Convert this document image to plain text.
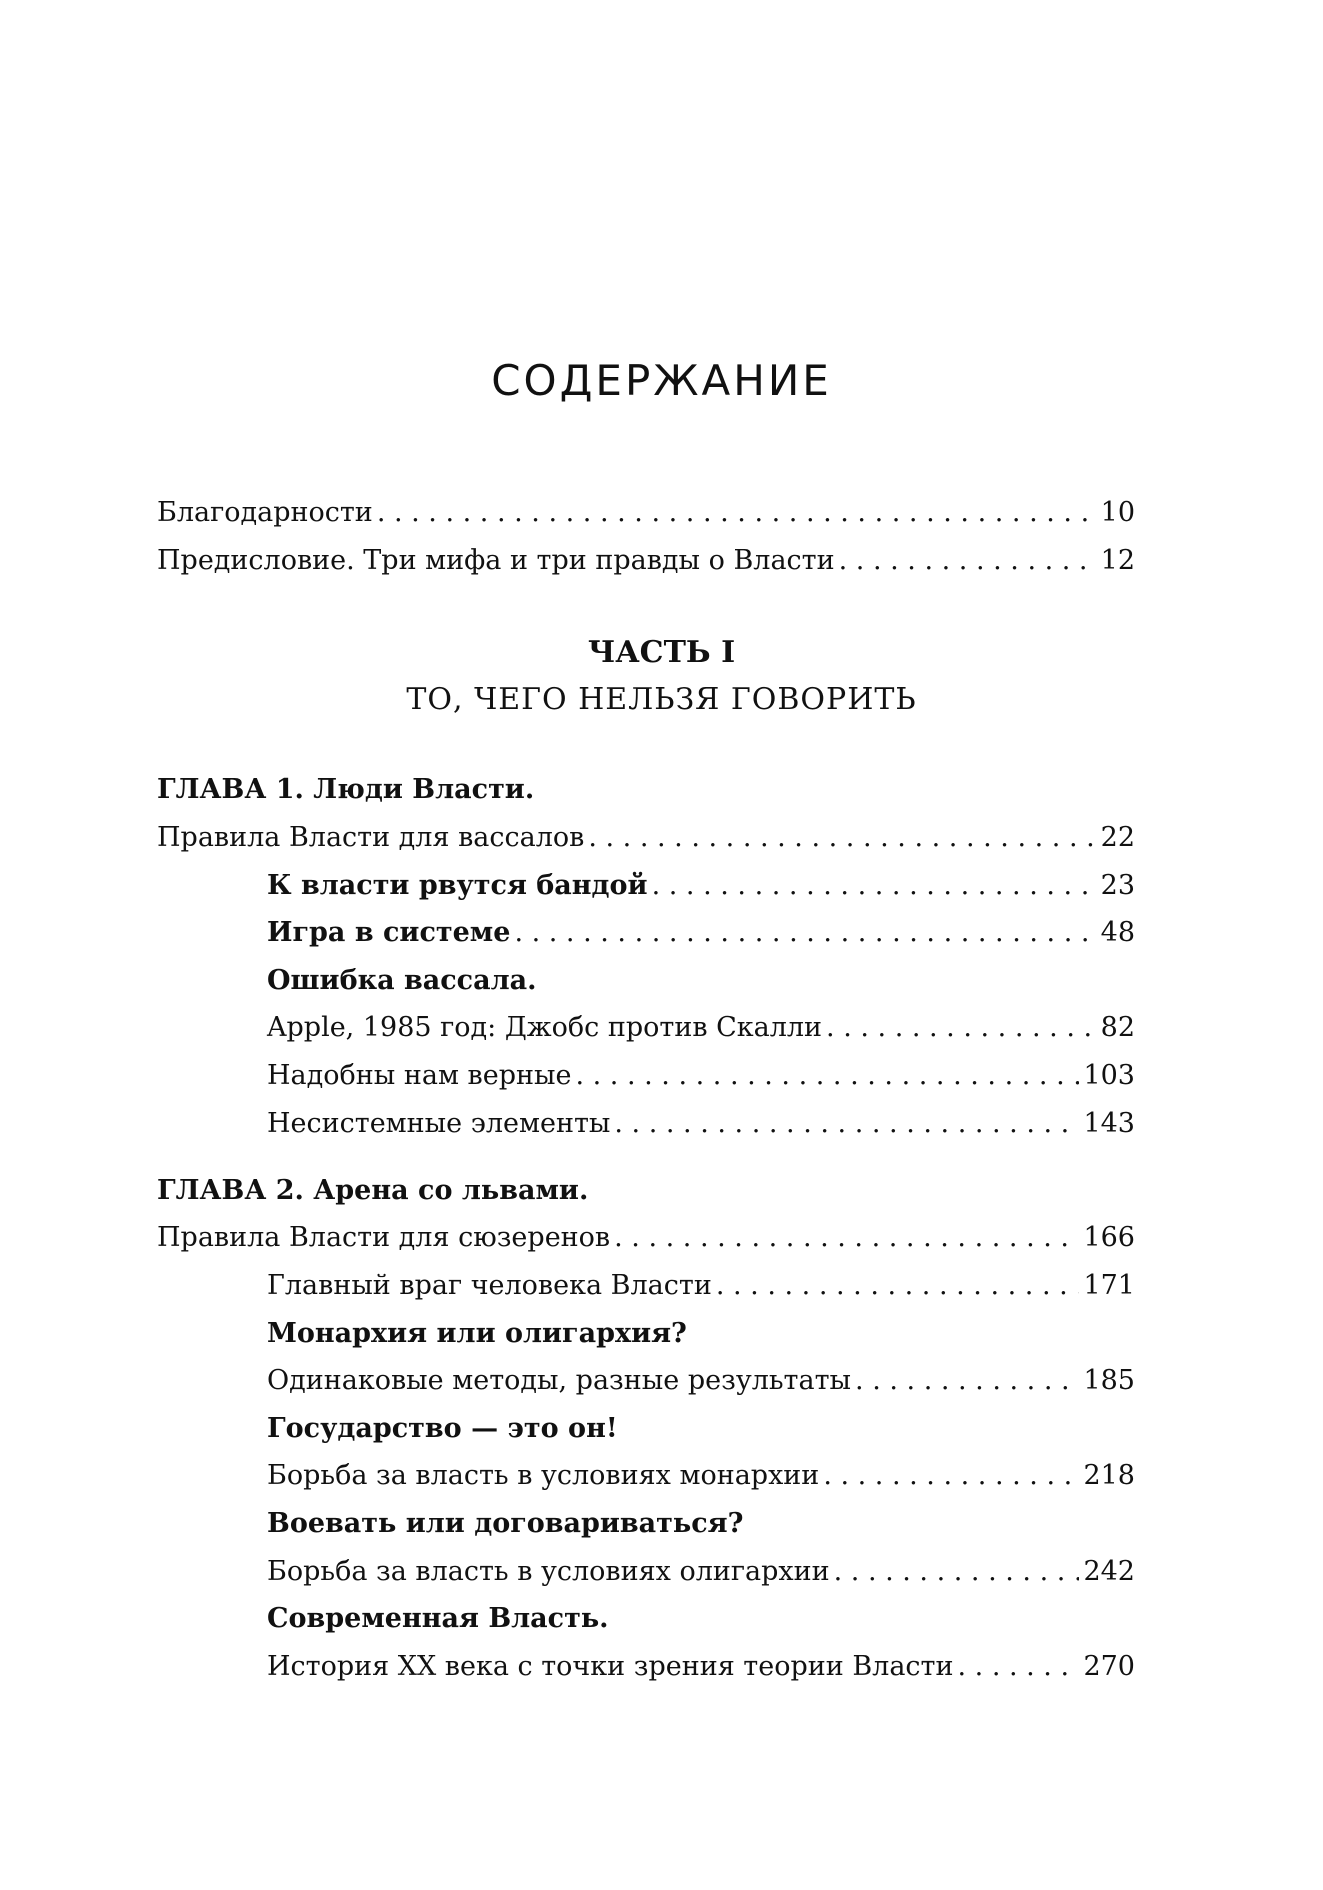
СОДЕРЖАНИЕ
Благодарности . . .	10
Предисловие. Три мифа и три правды о Власти . . .	12
ГЛАВА 1. Люди Власти.
Правила Власти для вассалов . . .	22
К власти рвутся бандой . . .	23
Игра в системе . . .	48
Ошибка вассала.
Apple, 1985 год: Джобс против Скалли . . .	82
Надобны нам верные . . .	103
Несистемные элементы . . .	143
ГЛАВА 2. Арена со львами.
Правила Власти для сюзеренов . . .	166
Главный враг человека Власти . . .	171
Монархия или олигархия?
Одинаковые методы, разные результаты . . .	185
Государство — это он!
Борьба за власть в условиях монархии . . .	218
Воевать или договариваться?
Борьба за власть в условиях олигархии . . .	242
Современная Власть.
История XX века с точки зрения теории Власти . . .	270
ЧАСТЬ I
ТО, ЧЕГО НЕЛЬЗЯ ГОВОРИТЬ
